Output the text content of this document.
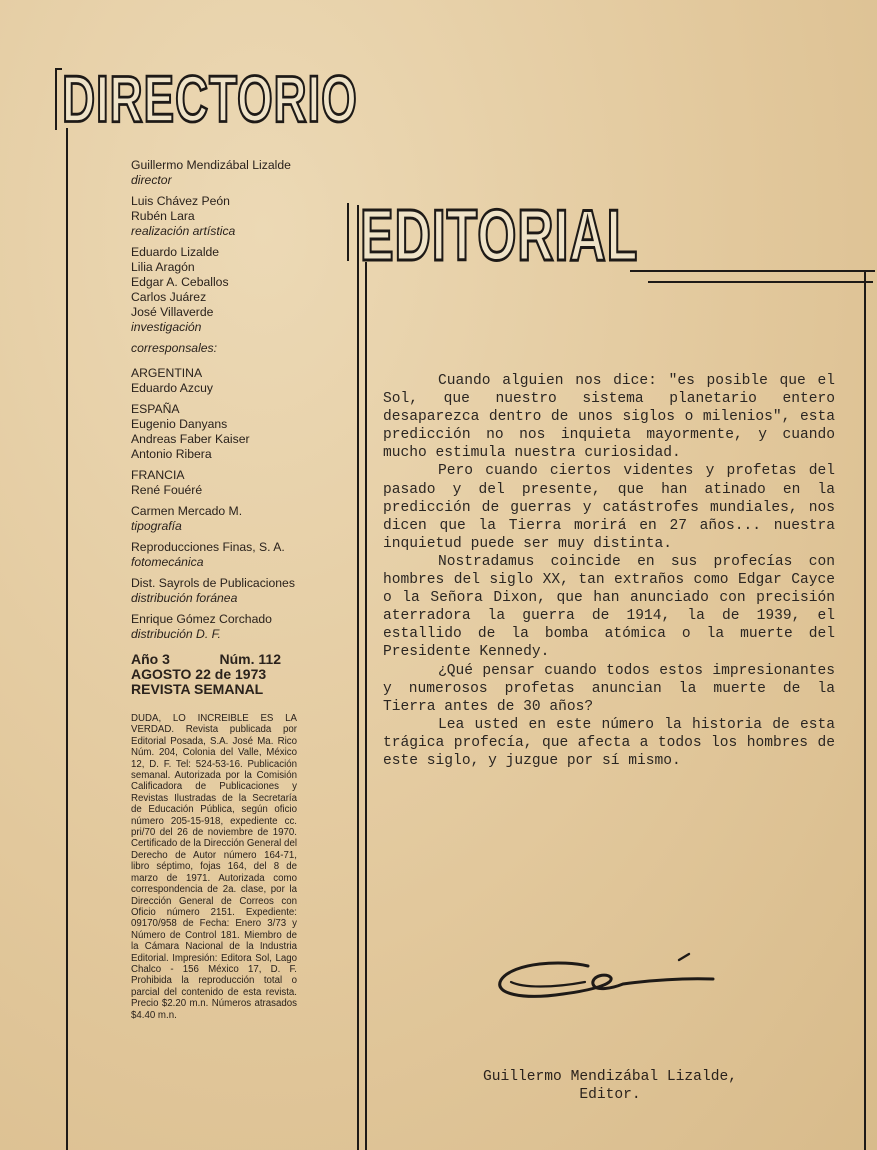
DIRECTORIO
EDITORIAL
Guillermo Mendizábal Lizalde
director
Luis Chávez Peón
Rubén Lara
realización artística
Eduardo Lizalde
Lilia Aragón
Edgar A. Ceballos
Carlos Juárez
José Villaverde
investigación
corresponsales:
ARGENTINA
Eduardo Azcuy
ESPAÑA
Eugenio Danyans
Andreas Faber Kaiser
Antonio Ribera
FRANCIA
René Fouéré
Carmen Mercado M.
tipografía
Reproducciones Finas, S. A.
fotomecánica
Dist. Sayrols de Publicaciones
distribución foránea
Enrique Gómez Corchado
distribución D. F.
Año 3	Núm. 112
AGOSTO 22 de 1973
REVISTA SEMANAL
DUDA, LO INCREIBLE ES LA VERDAD. Revista publicada por Editorial Posada, S.A. José Ma. Rico Núm. 204, Colonia del Valle, México 12, D. F. Tel: 524-53-16. Publicación semanal. Autorizada por la Comisión Calificadora de Publicaciones y Revistas Ilustradas de la Secretaría de Educación Pública, según oficio número 205-15-918, expediente cc. pri/70 del 26 de noviembre de 1970. Certificado de la Dirección General del Derecho de Autor número 164-71, libro séptimo, fojas 164, del 8 de marzo de 1971. Autorizada como correspondencia de 2a. clase, por la Dirección General de Correos con Oficio número 2151. Expediente: 09170/958 de Fecha: Enero 3/73 y Número de Control 181. Miembro de la Cámara Nacional de la Industria Editorial. Impresión: Editora Sol, Lago Chalco - 156 México 17, D. F. Prohibida la reproducción total o parcial del contenido de esta revista. Precio $2.20 m.n. Números atrasados $4.40 m.n.

Cuando alguien nos dice: "es posible que el Sol, que nuestro sistema planetario entero desaparezca dentro de unos siglos o milenios", esta predicción no nos inquieta mayormente, y cuando mucho estimula nuestra curiosidad.

Pero cuando ciertos videntes y profetas del pasado y del presente, que han atinado en la predicción de guerras y catástrofes mundiales, nos dicen que la Tierra morirá en 27 años... nuestra inquietud puede ser muy distinta.

Nostradamus coincide en sus profecías con hombres del siglo XX, tan extraños como Edgar Cayce o la Señora Dixon, que han anunciado con precisión aterradora la guerra de 1914, la de 1939, el estallido de la bomba atómica o la muerte del Presidente Kennedy.

¿Qué pensar cuando todos estos impresionantes y numerosos profetas anuncian la muerte de la Tierra antes de 30 años?

Lea usted en este número la historia de esta trágica profecía, que afecta a todos los hombres de este siglo, y juzgue por sí mismo.

Guillermo Mendizábal Lizalde,
Editor.
